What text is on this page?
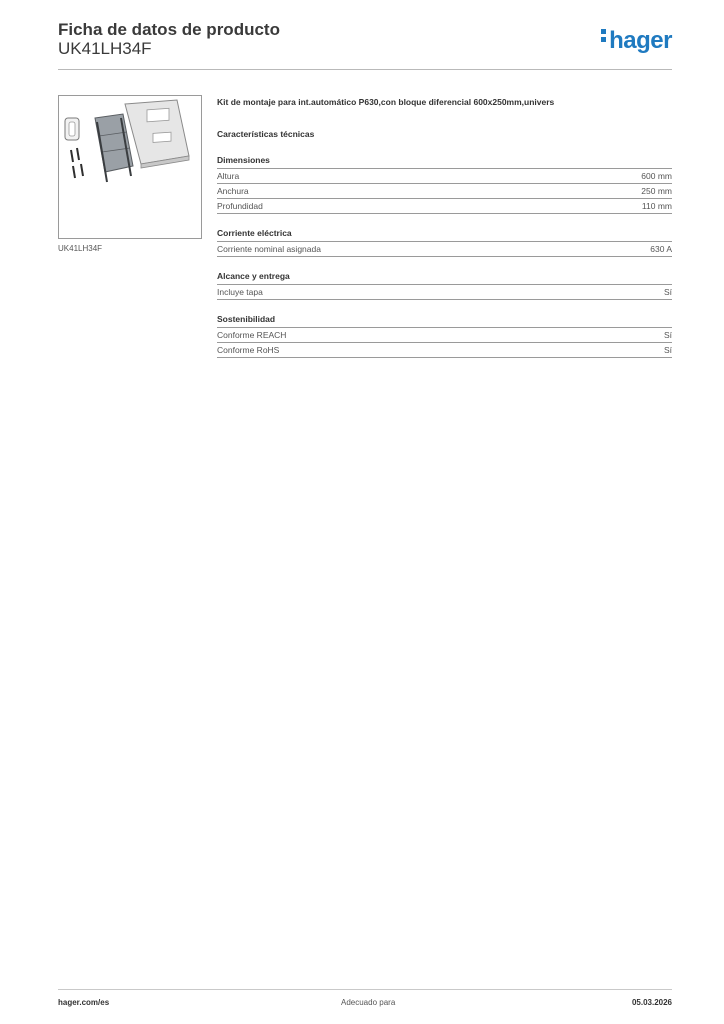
Ficha de datos de producto
UK41LH34F	hager
UK41LH34F
Kit de montaje para int.automático P630,con bloque diferencial 600x250mm,univers
Características técnicas
Dimensiones
Altura	600 mm
Anchura	250 mm
Profundidad	110 mm
Corriente eléctrica
Corriente nominal asignada	630 A
Alcance y entrega
Incluye tapa	Sí
Sostenibilidad
Conforme REACH	Sí
Conforme RoHS	Sí
hager.com/es	Adecuado para	05.03.2026
